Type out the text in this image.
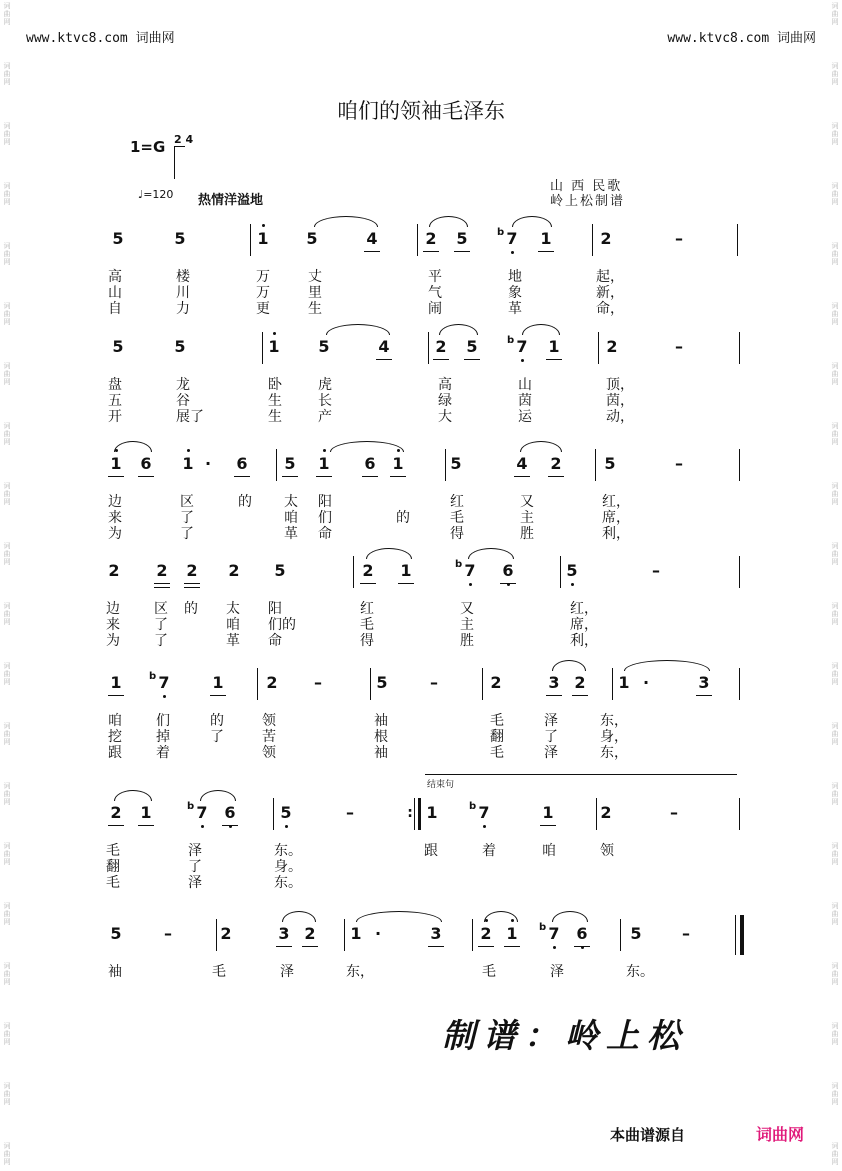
词
曲
网
词
曲
网
词
曲
网
词
曲
网
词
曲
网
词
曲
网
词
曲
网
词
曲
网
词
曲
网
词
曲
网
词
曲
网
词
曲
网
词
曲
网
词
曲
网
词
曲
网
词
曲
网
词
曲
网
词
曲
网
词
曲
网
词
曲
网
词
曲
网
词
曲
网
词
曲
网
词
曲
网
词
曲
网
词
曲
网
词
曲
网
词
曲
网
词
曲
网
词
曲
网
词
曲
网
词
曲
网
词
曲
网
词
曲
网
词
曲
网
词
曲
网
词
曲
网
词
曲
网
词
曲
网
词
曲
网
www.ktvc8.com 词曲网	www.ktvc8.com 词曲网
咱们的领袖毛泽东
1=G 2 4
♩=120 热情洋溢地
山 西 民歌
岭上松制谱
5	5	1 5	4	2 5 7
b 1	2	–
高	楼	万	丈	平	地	起，
山	川	万	里	气	象	新，
自	力	更	生	闹	革	命，
5	5	1 5	4	2 5 7
b 1	2	–
盘	龙	卧	虎	高	山	顶，
五	谷	生	长	绿	茵	茵，
开	展了	生	产	大	运	动，
1 6 1 ·	6 5 1 6 1	5	4 2	5	–
边	区	的 太 阳	红	又	红，
来	了	咱 们	的	毛	主	席，
为	了	革 命	得	胜	利，
2 2 2 2 5	2 1	7
b	6	5	–
边 区 的 太 阳	红	又	红，
来 了	咱 们的	毛	主	席，
为 了	革 命	得	胜	利，
1 7
b	1	2	–	5	–	2	3 2 1 ·	3
咱 们	的	领	袖	毛	泽	东，
挖 掉	了	苦	根	翻	了	身，
跟 着	领	袖	毛	泽	东，
2 1	7
b 6	5	–	1	7
b	1	2	–
:
毛	泽	东。	跟	着	咱	领
翻	了	身。
毛	泽	东。
5	–	2	3 2 1 ·	3 2 1 7
b 6	5	–
袖	毛	泽	东，	毛	泽	东。
结束句
制谱：岭上松
本曲谱源自	词曲网
